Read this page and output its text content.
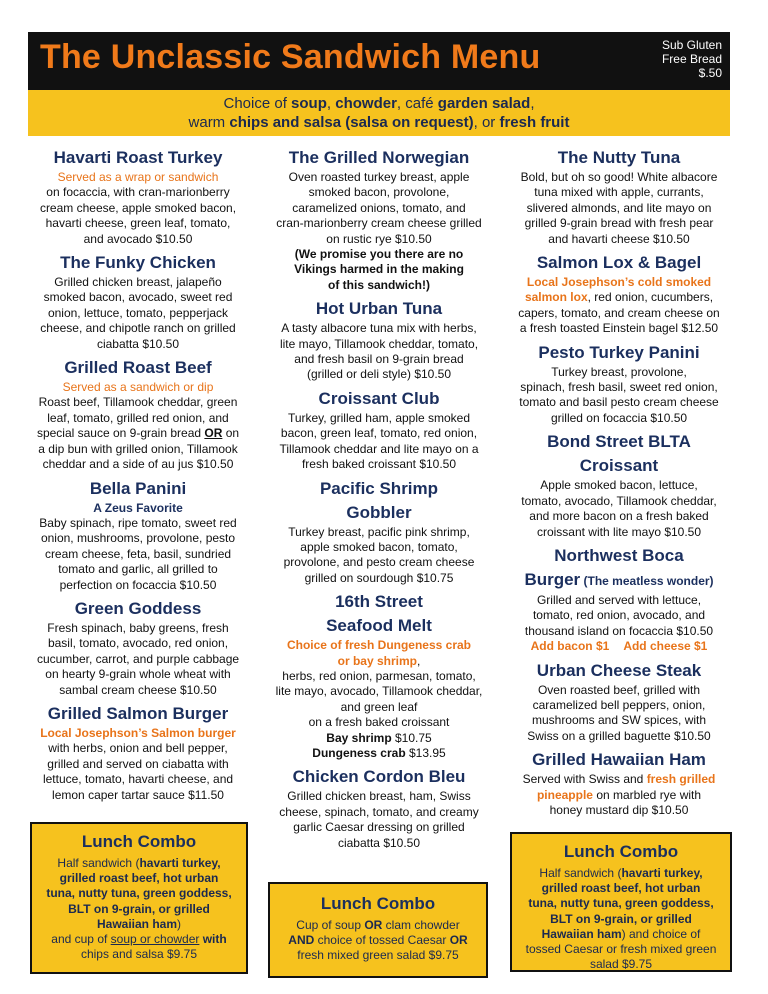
The Unclassic Sandwich Menu	Sub Gluten
Free Bread
$.50
Choice of soup, chowder, café garden salad,
warm chips and salsa (salsa on request), or fresh fruit
Havarti Roast Turkey
Served as a wrap or sandwich
on focaccia, with cran-marionberry
cream cheese, apple smoked bacon,
havarti cheese, green leaf, tomato,
and avocado $10.50
The Funky Chicken
Grilled chicken breast, jalapeño
smoked bacon, avocado, sweet red
onion, lettuce, tomato, pepperjack
cheese, and chipotle ranch on grilled
ciabatta $10.50
Grilled Roast Beef
Served as a sandwich or dip
Roast beef, Tillamook cheddar, green
leaf, tomato, grilled red onion, and
special sauce on 9-grain bread OR on
a dip bun with grilled onion, Tillamook
cheddar and a side of au jus $10.50
Bella Panini
A Zeus Favorite
Baby spinach, ripe tomato, sweet red
onion, mushrooms, provolone, pesto
cream cheese, feta, basil, sundried
tomato and garlic, all grilled to
perfection on focaccia $10.50
Green Goddess
Fresh spinach, baby greens, fresh
basil, tomato, avocado, red onion,
cucumber, carrot, and purple cabbage
on hearty 9-grain whole wheat with
sambal cream cheese $10.50
Grilled Salmon Burger
Local Josephson’s Salmon burger
with herbs, onion and bell pepper,
grilled and served on ciabatta with
lettuce, tomato, havarti cheese, and
lemon caper tartar sauce $11.50
Lunch Combo
Half sandwich (havarti turkey,
grilled roast beef, hot urban
tuna, nutty tuna, green goddess,
BLT on 9-grain, or grilled
Hawaiian ham)
and cup of soup or chowder with
chips and salsa $9.75
The Grilled Norwegian
Oven roasted turkey breast, apple
smoked bacon, provolone,
caramelized onions, tomato, and
cran-marionberry cream cheese grilled
on rustic rye $10.50
(We promise you there are no
Vikings harmed in the making
of this sandwich!)
Hot Urban Tuna
A tasty albacore tuna mix with herbs,
lite mayo, Tillamook cheddar, tomato,
and fresh basil on 9-grain bread
(grilled or deli style) $10.50
Croissant Club
Turkey, grilled ham, apple smoked
bacon, green leaf, tomato, red onion,
Tillamook cheddar and lite mayo on a
fresh baked croissant $10.50
Pacific Shrimp
Gobbler
Turkey breast, pacific pink shrimp,
apple smoked bacon, tomato,
provolone, and pesto cream cheese
grilled on sourdough $10.75
16th Street
Seafood Melt
Choice of fresh Dungeness crab
or bay shrimp,
herbs, red onion, parmesan, tomato,
lite mayo, avocado, Tillamook cheddar,
and green leaf
on a fresh baked croissant
Bay shrimp $10.75
Dungeness crab $13.95
Chicken Cordon Bleu
Grilled chicken breast, ham, Swiss
cheese, spinach, tomato, and creamy
garlic Caesar dressing on grilled
ciabatta $10.50
Lunch Combo
Cup of soup OR clam chowder
AND choice of tossed Caesar OR
fresh mixed green salad $9.75
The Nutty Tuna
Bold, but oh so good! White albacore
tuna mixed with apple, currants,
slivered almonds, and lite mayo on
grilled 9-grain bread with fresh pear
and havarti cheese $10.50
Salmon Lox & Bagel
Local Josephson’s cold smoked
salmon lox, red onion, cucumbers,
capers, tomato, and cream cheese on
a fresh toasted Einstein bagel $12.50
Pesto Turkey Panini
Turkey breast, provolone,
spinach, fresh basil, sweet red onion,
tomato and basil pesto cream cheese
grilled on focaccia $10.50
Bond Street BLTA
Croissant
Apple smoked bacon, lettuce,
tomato, avocado, Tillamook cheddar,
and more bacon on a fresh baked
croissant with lite mayo $10.50
Northwest Boca
Burger (The meatless wonder)
Grilled and served with lettuce,
tomato, red onion, avocado, and
thousand island on focaccia $10.50
Add bacon $1 Add cheese $1
Urban Cheese Steak
Oven roasted beef, grilled with
caramelized bell peppers, onion,
mushrooms and SW spices, with
Swiss on a grilled baguette $10.50
Grilled Hawaiian Ham
Served with Swiss and fresh grilled
pineapple on marbled rye with
honey mustard dip $10.50
Lunch Combo
Half sandwich (havarti turkey,
grilled roast beef, hot urban
tuna, nutty tuna, green goddess,
BLT on 9-grain, or grilled
Hawaiian ham) and choice of
tossed Caesar or fresh mixed green
salad $9.75
